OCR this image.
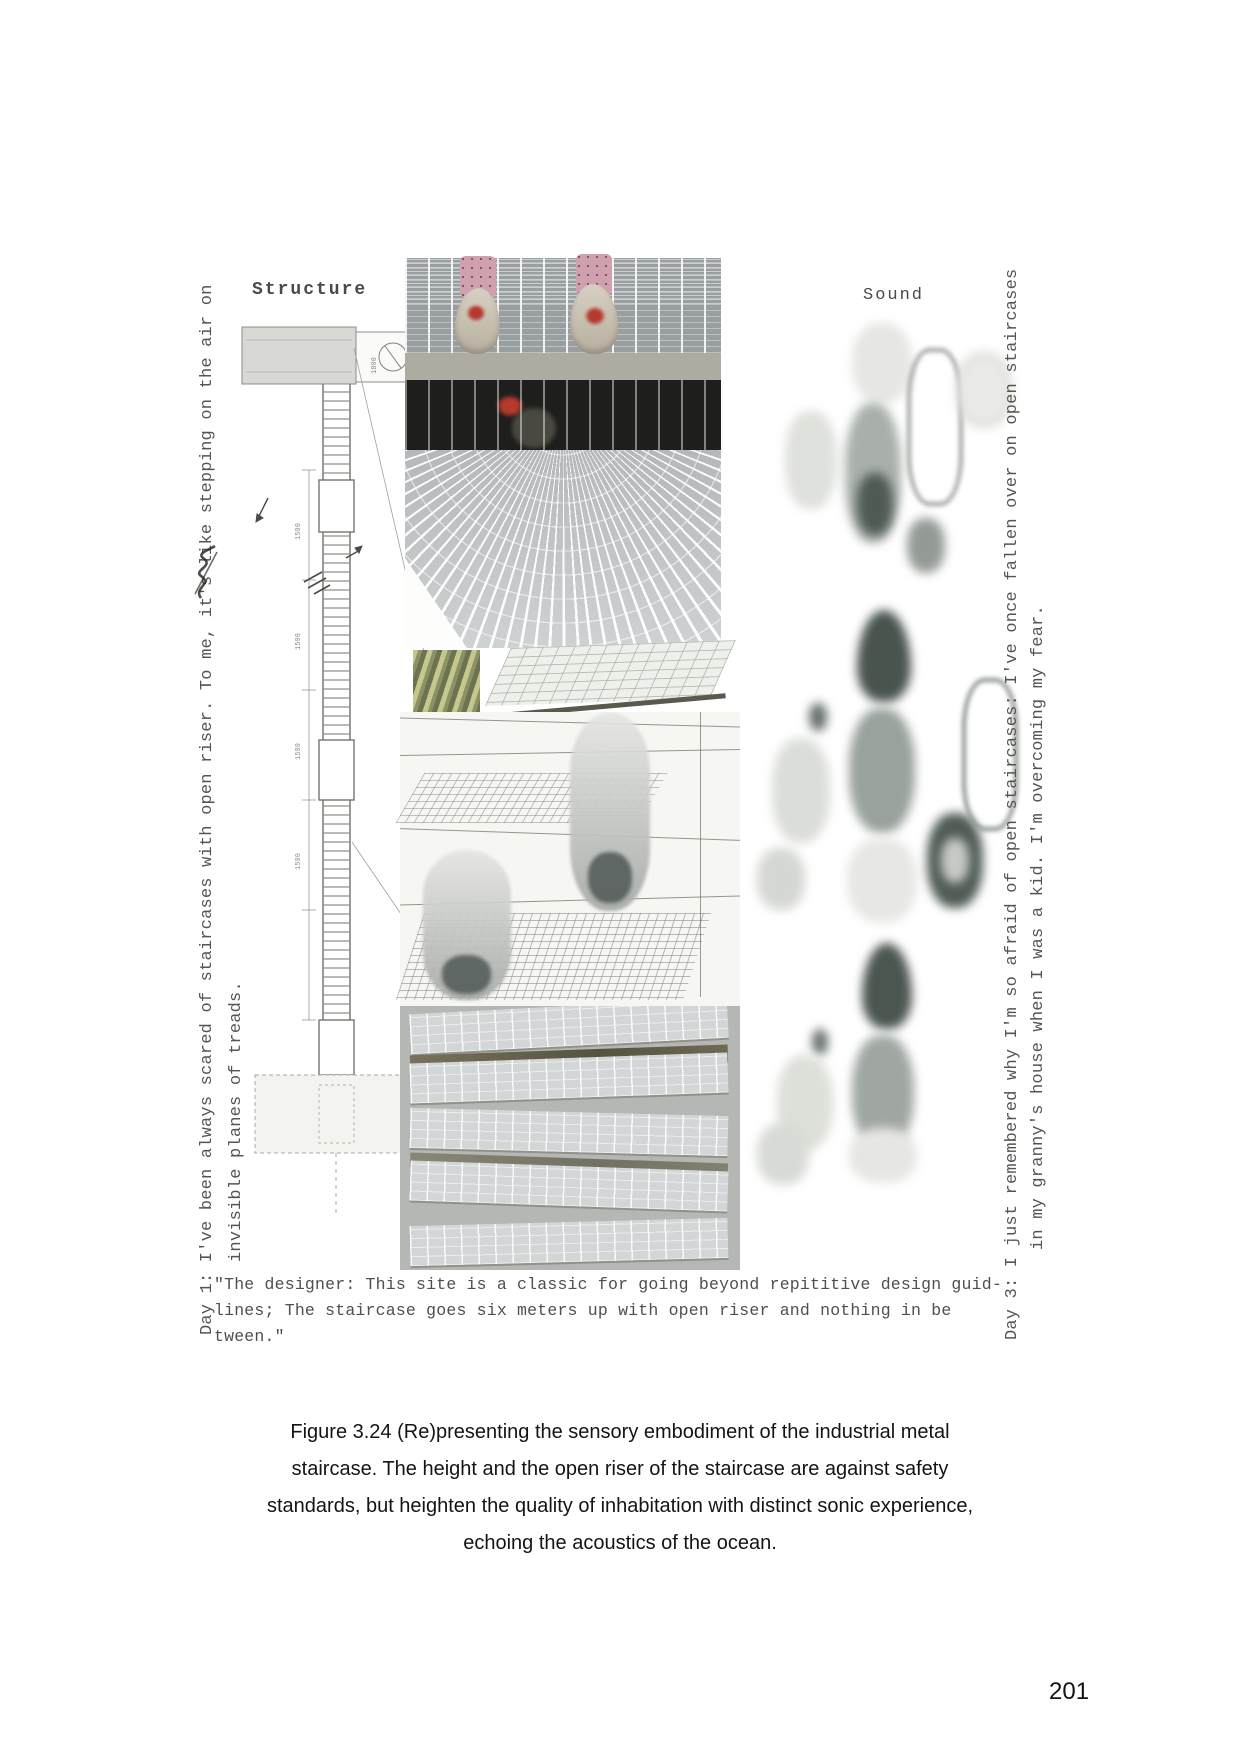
Day 1: I've been always scared of staircases with open riser. To me, it's like stepping on the air on invisible planes of treads.
Structure
1800
1500
1500
1500
1500
Sound	Day 3: I just remembered why I'm so afraid of open staircases: I've once fallen over on open staircases in my granny's house when I was a kid. I'm overcoming my fear.
"The designer: This site is a classic for going beyond repititive design guid-
lines; The staircase goes six meters up with open riser and nothing in be
tween."
Figure 3.24 (Re)presenting the sensory embodiment of the industrial metal
staircase. The height and the open riser of the staircase are against safety
standards, but heighten the quality of inhabitation with distinct sonic experience,
echoing the acoustics of the ocean.
201
